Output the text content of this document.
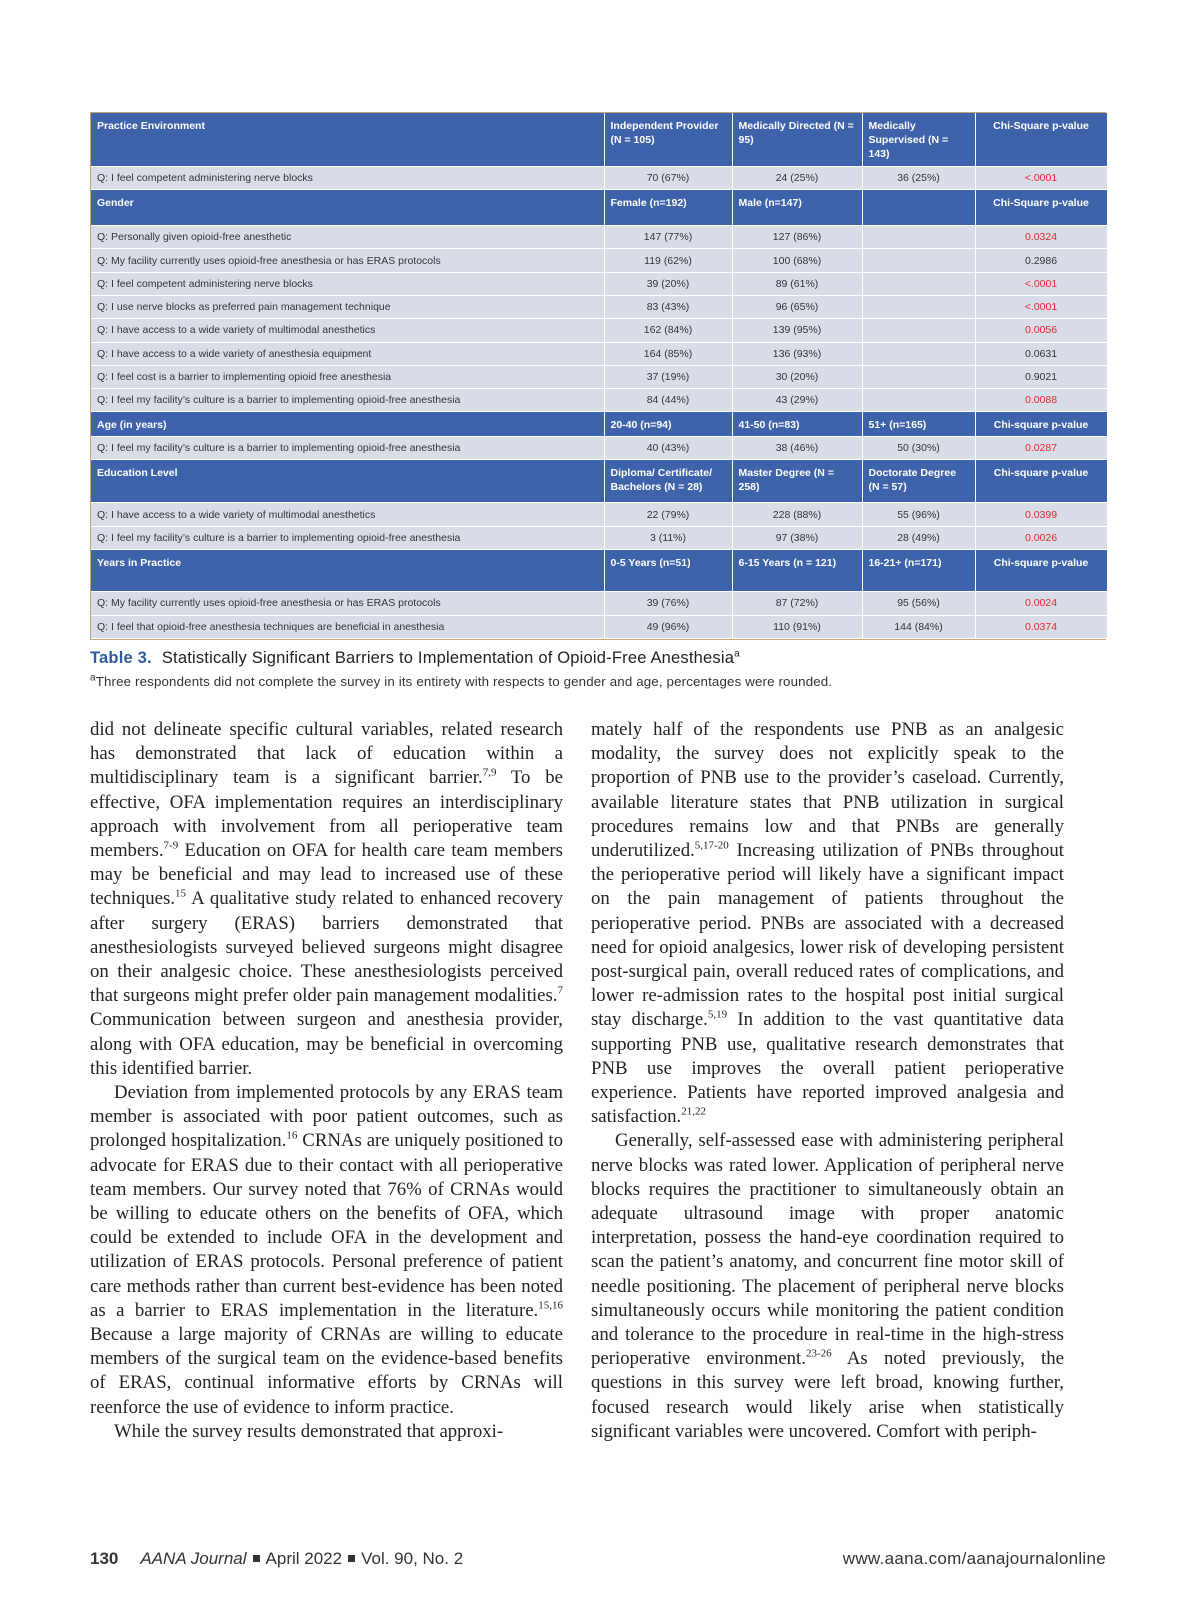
Practice Environment	Independent Provider (N = 105)	Medically Directed (N = 95)	Medically Supervised (N = 143)	Chi-Square p-value
Q: I feel competent administering nerve blocks	70 (67%)	24 (25%)	36 (25%)	<.0001
Gender	Female (n=192)	Male (n=147)		Chi-Square p-value
Q: Personally given opioid-free anesthetic	147 (77%)	127 (86%)		0.0324
Q: My facility currently uses opioid-free anesthesia or has ERAS protocols	119 (62%)	100 (68%)		0.2986
Q: I feel competent administering nerve blocks	39 (20%)	89 (61%)		<.0001
Q: I use nerve blocks as preferred pain management technique	83 (43%)	96 (65%)		<.0001
Q: I have access to a wide variety of multimodal anesthetics	162 (84%)	139 (95%)		0.0056
Q: I have access to a wide variety of anesthesia equipment	164 (85%)	136 (93%)		0.0631
Q: I feel cost is a barrier to implementing opioid free anesthesia	37 (19%)	30 (20%)		0.9021
Q: I feel my facility’s culture is a barrier to implementing opioid-free anesthesia	84 (44%)	43 (29%)		0.0088
Age (in years)	20-40 (n=94)	41-50 (n=83)	51+ (n=165)	Chi-square p-value
Q: I feel my facility’s culture is a barrier to implementing opioid-free anesthesia	40 (43%)	38 (46%)	50 (30%)	0.0287
Education Level	Diploma/ Certificate/ Bachelors (N = 28)	Master Degree (N = 258)	Doctorate Degree (N = 57)	Chi-square p-value
Q: I have access to a wide variety of multimodal anesthetics	22 (79%)	228 (88%)	55 (96%)	0.0399
Q: I feel my facility’s culture is a barrier to implementing opioid-free anesthesia	3 (11%)	97 (38%)	28 (49%)	0.0026
Years in Practice	0-5 Years (n=51)	6-15 Years (n = 121)	16-21+ (n=171)	Chi-square p-value
Q: My facility currently uses opioid-free anesthesia or has ERAS protocols	39 (76%)	87 (72%)	95 (56%)	0.0024
Q: I feel that opioid-free anesthesia techniques are beneficial in anesthesia	49 (96%)	110 (91%)	144 (84%)	0.0374
Table 3. Statistically Significant Barriers to Implementation of Opioid-Free Anesthesia$^a$
$^a$Three respondents did not complete the survey in its entirety with respects to gender and age, percentages were rounded.

did not delineate specific cultural variables, related research has demonstrated that lack of education within a multidisciplinary team is a significant barrier.$^{7,9}$ To be effective, OFA implementation requires an interdisciplinary approach with involvement from all perioperative team members.$^{7-9}$ Education on OFA for health care team members may be beneficial and may lead to increased use of these techniques.$^{15}$ A qualitative study related to enhanced recovery after surgery (ERAS) barriers demonstrated that anesthesiologists surveyed believed surgeons might disagree on their analgesic choice. These anesthesiologists perceived that surgeons might prefer older pain management modalities.$^7$ Communication between surgeon and anesthesia provider, along with OFA education, may be beneficial in overcoming this identified barrier.

Deviation from implemented protocols by any ERAS team member is associated with poor patient outcomes, such as prolonged hospitalization.$^{16}$ CRNAs are uniquely positioned to advocate for ERAS due to their contact with all perioperative team members. Our survey noted that 76% of CRNAs would be willing to educate others on the benefits of OFA, which could be extended to include OFA in the development and utilization of ERAS protocols. Personal preference of patient care methods rather than current best-evidence has been noted as a barrier to ERAS implementation in the literature.$^{15,16}$ Because a large majority of CRNAs are willing to educate members of the surgical team on the evidence-based benefits of ERAS, continual informative efforts by CRNAs will reenforce the use of evidence to inform practice.

While the survey results demonstrated that approxi-

mately half of the respondents use PNB as an analgesic modality, the survey does not explicitly speak to the proportion of PNB use to the provider’s caseload. Currently, available literature states that PNB utilization in surgical procedures remains low and that PNBs are generally underutilized.$^{5,17-20}$ Increasing utilization of PNBs throughout the perioperative period will likely have a significant impact on the pain management of patients throughout the perioperative period. PNBs are associated with a decreased need for opioid analgesics, lower risk of developing persistent post-surgical pain, overall reduced rates of complications, and lower re-admission rates to the hospital post initial surgical stay discharge.$^{5,19}$ In addition to the vast quantitative data supporting PNB use, qualitative research demonstrates that PNB use improves the overall patient perioperative experience. Patients have reported improved analgesia and satisfaction.$^{21,22}$

Generally, self-assessed ease with administering peripheral nerve blocks was rated lower. Application of peripheral nerve blocks requires the practitioner to simultaneously obtain an adequate ultrasound image with proper anatomic interpretation, possess the hand-eye coordination required to scan the patient’s anatomy, and concurrent fine motor skill of needle positioning. The placement of peripheral nerve blocks simultaneously occurs while monitoring the patient condition and tolerance to the procedure in real-time in the high-stress perioperative environment.$^{23-26}$ As noted previously, the questions in this survey were left broad, knowing further, focused research would likely arise when statistically significant variables were uncovered. Comfort with periph-

130 AANA Journal April 2022 Vol. 90, No. 2	www.aana.com/aanajournalonline
